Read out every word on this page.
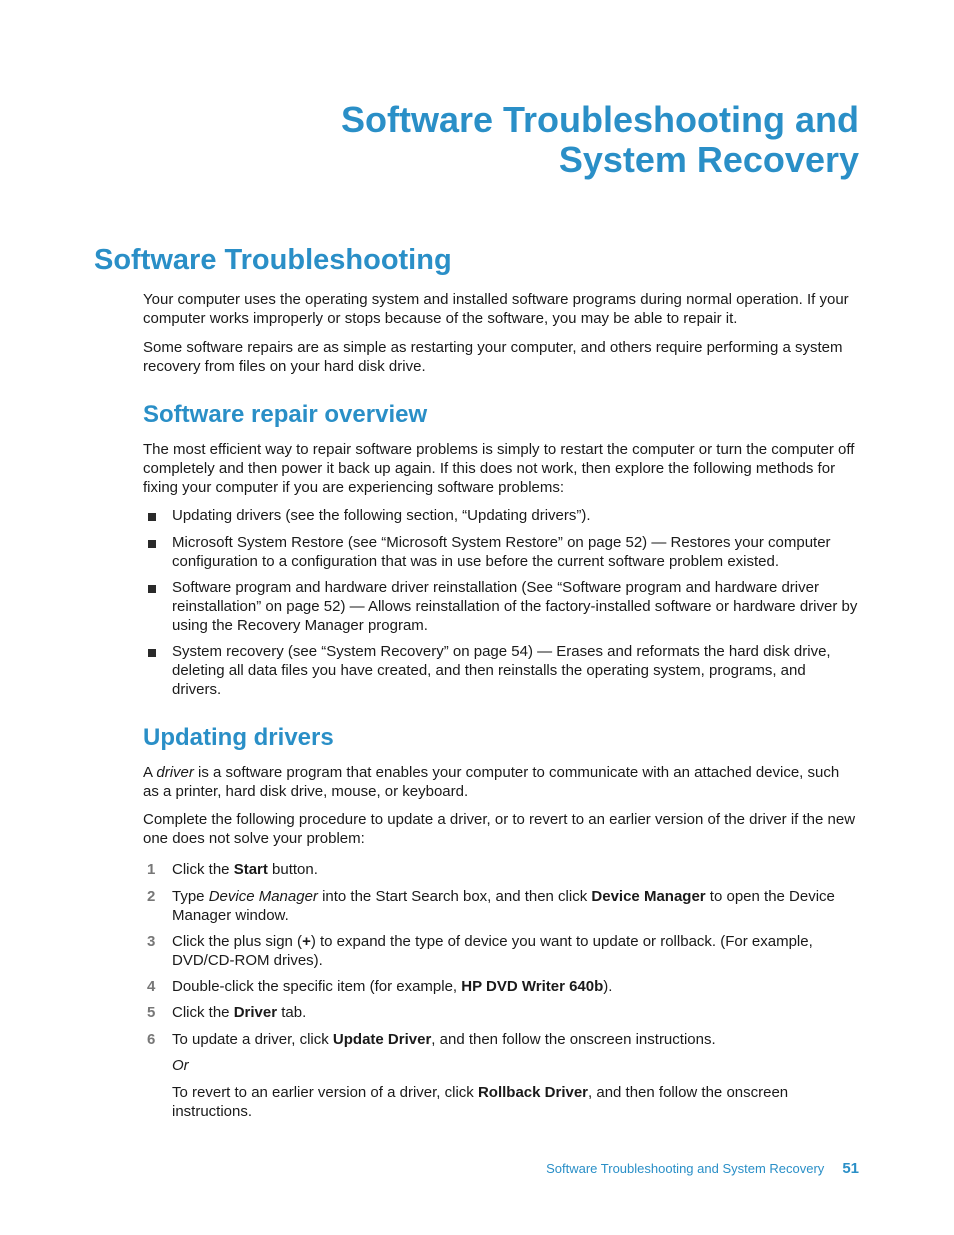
Software Troubleshooting and
System Recovery
Software Troubleshooting

Your computer uses the operating system and installed software programs during normal operation. If your computer works improperly or stops because of the software, you may be able to repair it.

Some software repairs are as simple as restarting your computer, and others require performing a system recovery from files on your hard disk drive.

Software repair overview

The most efficient way to repair software problems is simply to restart the computer or turn the computer off completely and then power it back up again. If this does not work, then explore the following methods for fixing your computer if you are experiencing software problems:

Updating drivers (see the following section, “Updating drivers”).
Microsoft System Restore (see “Microsoft System Restore” on page 52) — Restores your computer configuration to a configuration that was in use before the current software problem existed.
Software program and hardware driver reinstallation (See “Software program and hardware driver reinstallation” on page 52) — Allows reinstallation of the factory-installed software or hardware driver by using the Recovery Manager program.
System recovery (see “System Recovery” on page 54) — Erases and reformats the hard disk drive, deleting all data files you have created, and then reinstalls the operating system, programs, and drivers.
Updating drivers

A driver is a software program that enables your computer to communicate with an attached device, such as a printer, hard disk drive, mouse, or keyboard.

Complete the following procedure to update a driver, or to revert to an earlier version of the driver if the new one does not solve your problem:

1 Click the Start button.
2 Type Device Manager into the Start Search box, and then click Device Manager to open the Device Manager window.
3 Click the plus sign (+) to expand the type of device you want to update or rollback. (For example, DVD/CD-ROM drives).
4 Double-click the specific item (for example, HP DVD Writer 640b).
5 Click the Driver tab.
6 To update a driver, click Update Driver, and then follow the onscreen instructions.

Or

To revert to an earlier version of a driver, click Rollback Driver, and then follow the onscreen instructions.

Software Troubleshooting and System Recovery 51
